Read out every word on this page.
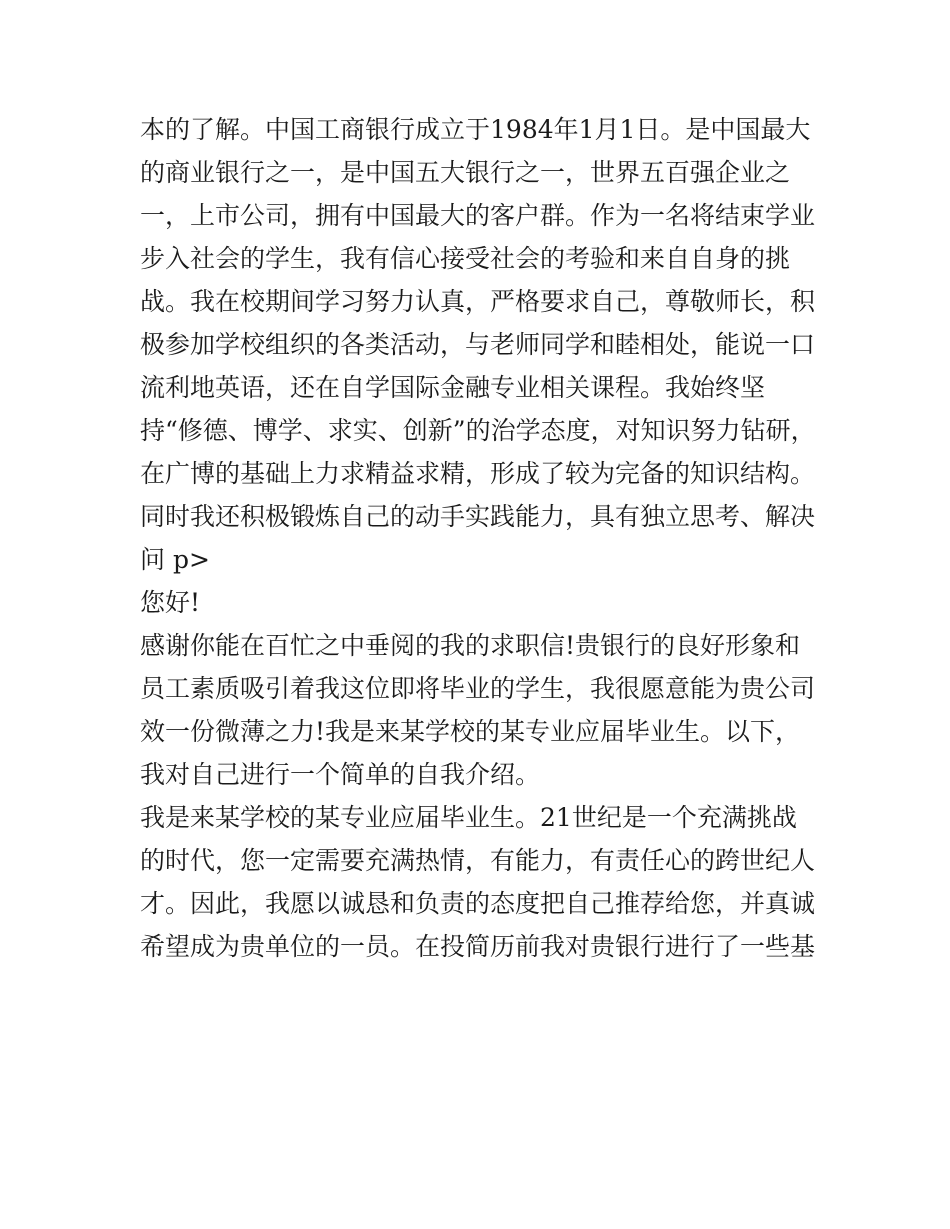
本的了解。中国工商银行成立于1984年1月1日。是中国最大
的商业银行之一，是中国五大银行之一，世界五百强企业之
一，上市公司，拥有中国最大的客户群。作为一名将结束学业
步入社会的学生，我有信心接受社会的考验和来自自身的挑
战。我在校期间学习努力认真，严格要求自己，尊敬师长，积
极参加学校组织的各类活动，与老师同学和睦相处，能说一口
流利地英语，还在自学国际金融专业相关课程。我始终坚
持“修德、博学、求实、创新”的治学态度，对知识努力钻研，
在广博的基础上力求精益求精，形成了较为完备的知识结构。
同时我还积极锻炼自己的动手实践能力，具有独立思考、解决
问 p>
您好!
感谢你能在百忙之中垂阅的我的求职信!贵银行的良好形象和
员工素质吸引着我这位即将毕业的学生，我很愿意能为贵公司
效一份微薄之力!我是来某学校的某专业应届毕业生。以下，
我对自己进行一个简单的自我介绍。
我是来某学校的某专业应届毕业生。21世纪是一个充满挑战
的时代，您一定需要充满热情，有能力，有责任心的跨世纪人
才。因此，我愿以诚恳和负责的态度把自己推荐给您，并真诚
希望成为贵单位的一员。在投简历前我对贵银行进行了一些基
